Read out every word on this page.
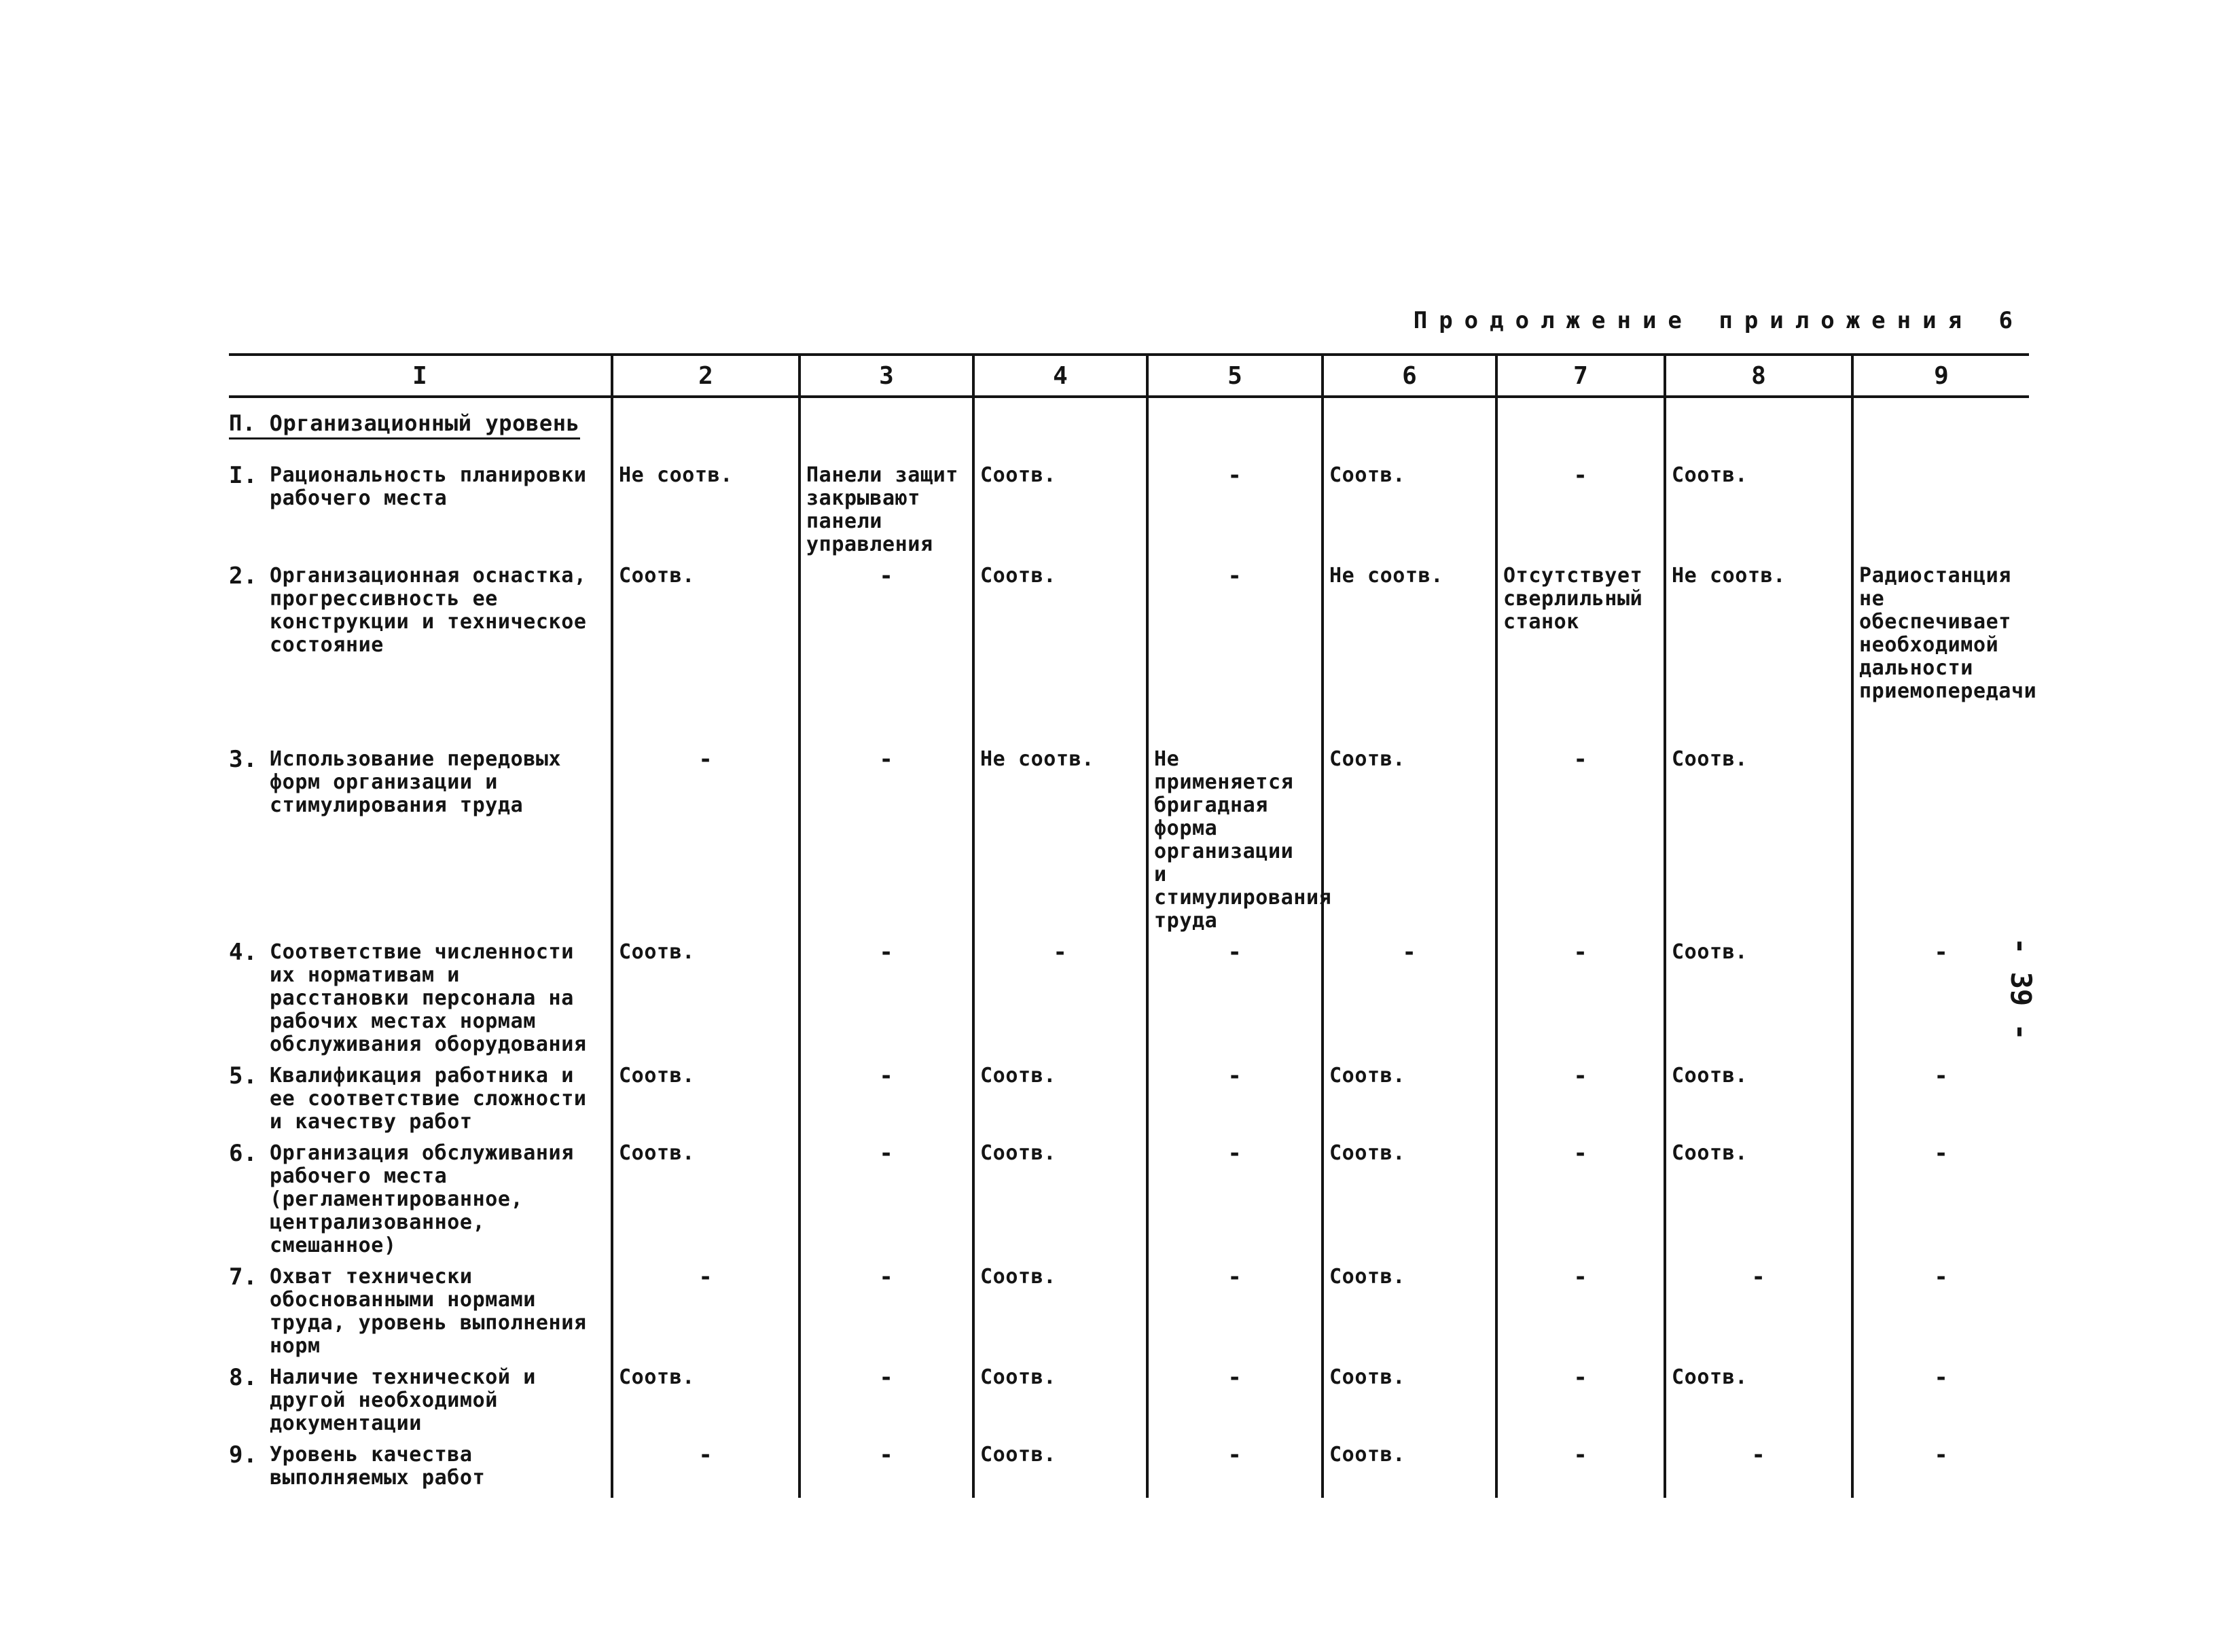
Продолжение приложения 6
I	2	3	4	5	6	7	8	9
П. Организационный уровень								

I. Рациональность планировки рабочего места	Не соотв.	Панели защит закрывают панели управления	Соотв.	-	Соотв.	-	Соотв.	

2. Организационная оснастка, прогрессивность ее конструкции и техническое состояние	Соотв.	-	Соотв.	-	Не соотв.	Отсутствует сверлильный станок	Не соотв.	Радиостанция не обеспечивает необходимой дальности приемопередачи

3. Использование передовых форм организации и стимулирования труда	-	-	Не соотв.	Не применяется бригадная форма организации и стимулирования труда	Соотв.	-	Соотв.	

4. Соответствие численности их нормативам и расстановки персонала на рабочих местах нормам обслуживания оборудования	Соотв.	-	-	-	-	-	Соотв.	-

5. Квалификация работника и ее соответствие сложности и качеству работ	Соотв.	-	Соотв.	-	Соотв.	-	Соотв.	-

6. Организация обслуживания рабочего места (регламентированное, централизованное, смешанное)	Соотв.	-	Соотв.	-	Соотв.	-	Соотв.	-

7. Охват технически обоснованными нормами труда, уровень выполнения норм	-	-	Соотв.	-	Соотв.	-	-	-

8. Наличие технической и другой необходимой документации	Соотв.	-	Соотв.	-	Соотв.	-	Соотв.	-

9. Уровень качества выполняемых работ	-	-	Соотв.	-	Соотв.	-	-	-
- 39 -
